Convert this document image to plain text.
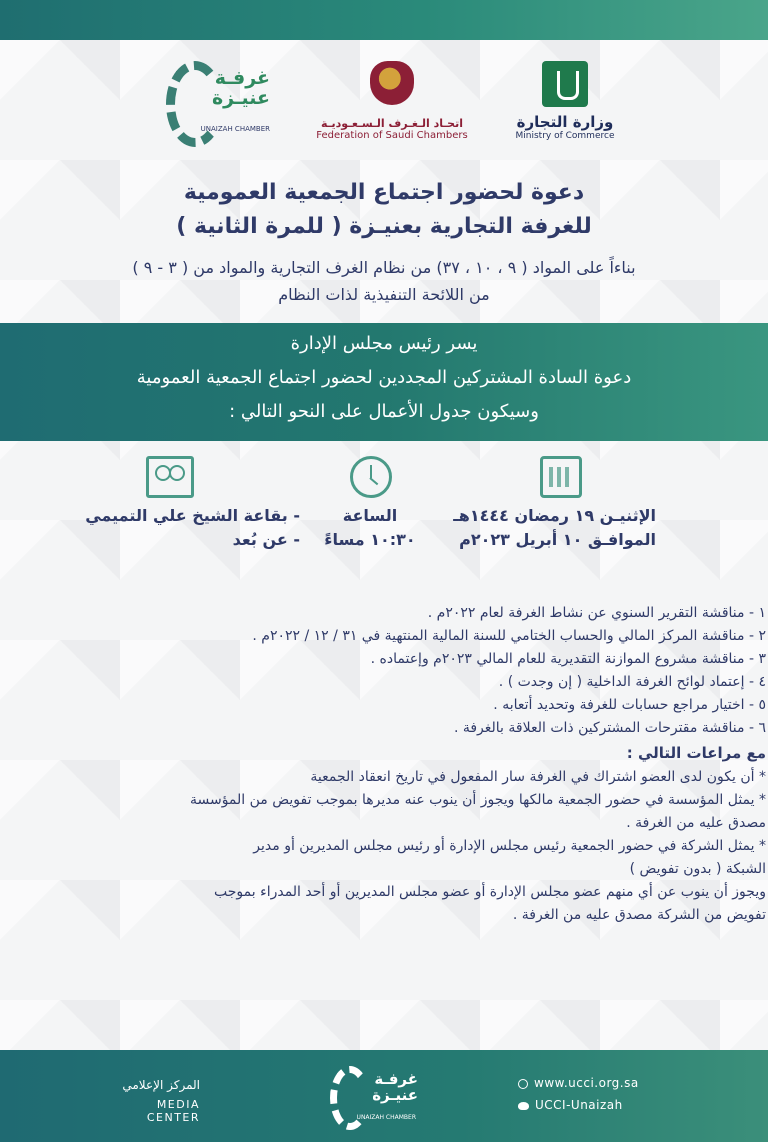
وزارة التجارة
Ministry of Commerce
اتحـاد الـغـرف الـسـعـوديـة
Federation of Saudi Chambers
غرفـة
عنيـزة
UNAIZAH CHAMBER
دعوة لحضور اجتماع الجمعية العمومية
للغرفة التجارية بعنيـزة ( للمرة الثانية )
بناءاً على المواد ( ٩ ، ١٠ ، ٣٧) من نظام الغرف التجارية والمواد من ( ٣ - ٩ )
من اللائحة التنفيذية لذات النظام
يسر رئيس مجلس الإدارة
دعوة السادة المشتركين المجددين لحضور اجتماع الجمعية العمومية
وسيكون جدول الأعمال على النحو التالي :
الإثنيـن ١٩ رمضان ١٤٤٤هـ
الموافـق ١٠ أبريل ٢٠٢٣م
الساعة
١٠:٣٠ مساءً
- بقاعة الشيخ علي التميمي
- عن بُعد
١ - مناقشة التقرير السنوي عن نشاط الغرفة لعام ٢٠٢٢م .
٢ - مناقشة المركز المالي والحساب الختامي للسنة المالية المنتهية في ٣١ / ١٢ / ٢٠٢٢م .
٣ - مناقشة مشروع الموازنة التقديرية للعام المالي ٢٠٢٣م وإعتماده .
٤ - إعتماد لوائح الغرفة الداخلية ( إن وجدت ) .
٥ - اختيار مراجع حسابات للغرفة وتحديد أتعابه .
٦ - مناقشة مقترحات المشتركين ذات العلاقة بالغرفة .
مع مراعات التالي :
* أن يكون لدى العضو اشتراك في الغرفة سار المفعول في تاريخ انعقاد الجمعية
* يمثل المؤسسة في حضور الجمعية مالكها ويجوز أن ينوب عنه مديرها بموجب تفويض من المؤسسة
مصدق عليه من الغرفة .
* يمثل الشركة في حضور الجمعية رئيس مجلس الإدارة أو رئيس مجلس المديرين أو مدير
الشبكة ( بدون تفويض )
ويجوز أن ينوب عن أي منهم عضو مجلس الإدارة أو عضو مجلس المديرين أو أحد المدراء بموجب
تفويض من الشركة مصدق عليه من الغرفة .
المركز الإعلامي
MEDIA CENTER
غرفـة
عنيـزة
UNAIZAH CHAMBER
www.ucci.org.sa
UCCI-Unaizah
